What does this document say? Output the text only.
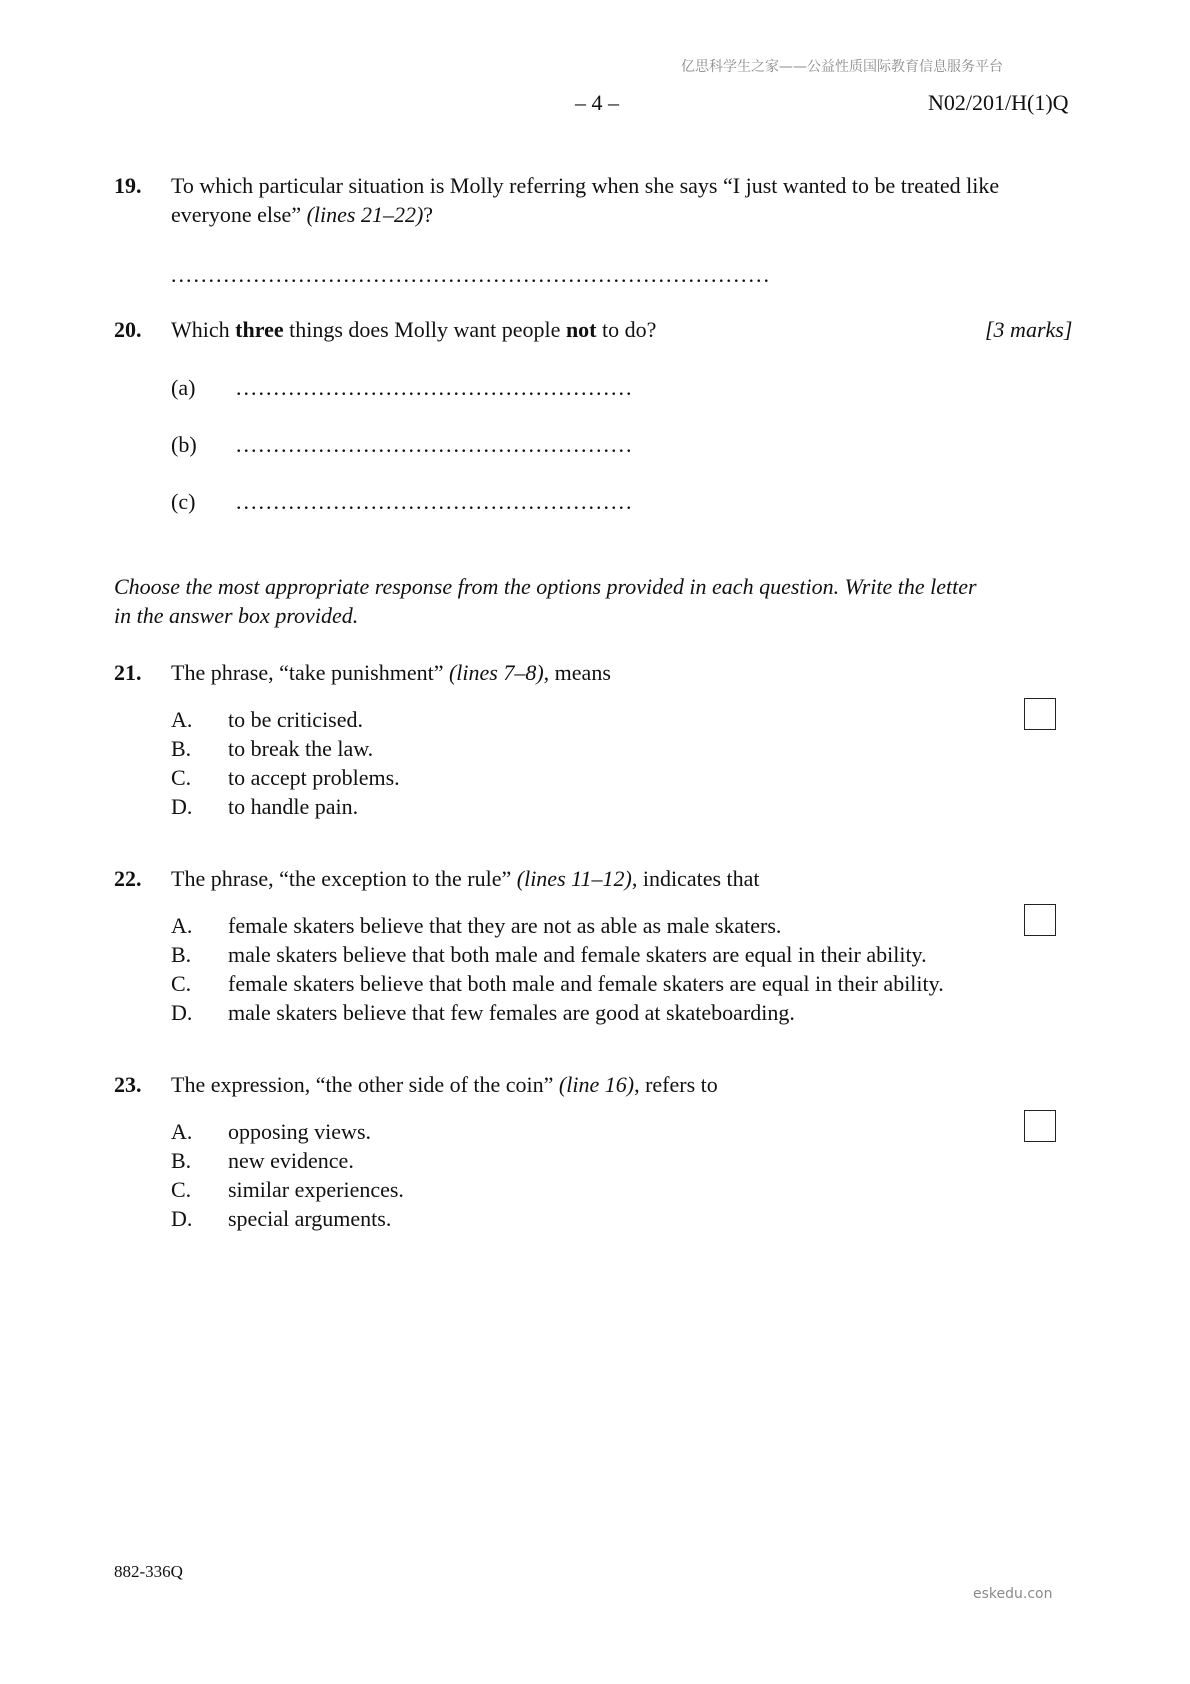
亿思科学生之家——公益性质国际教育信息服务平台
– 4 –	N02/201/H(1)Q
19. To which particular situation is Molly referring when she says “I just wanted to be treated like
everyone else” (lines 21–22)?
................................................................................
20. Which three things does Molly want people not to do?	[3 marks]
(a) .....................................................
(b) .....................................................
(c) .....................................................
Choose the most appropriate response from the options provided in each question. Write the letter
in the answer box provided.
21. The phrase, “take punishment” (lines 7–8), means
A. to be criticised.
B. to break the law.
C. to accept problems.
D. to handle pain.
22. The phrase, “the exception to the rule” (lines 11–12), indicates that
A. female skaters believe that they are not as able as male skaters.
B. male skaters believe that both male and female skaters are equal in their ability.
C. female skaters believe that both male and female skaters are equal in their ability.
D. male skaters believe that few females are good at skateboarding.
23. The expression, “the other side of the coin” (line 16), refers to
A. opposing views.
B. new evidence.
C. similar experiences.
D. special arguments.
882-336Q
eskedu.con
